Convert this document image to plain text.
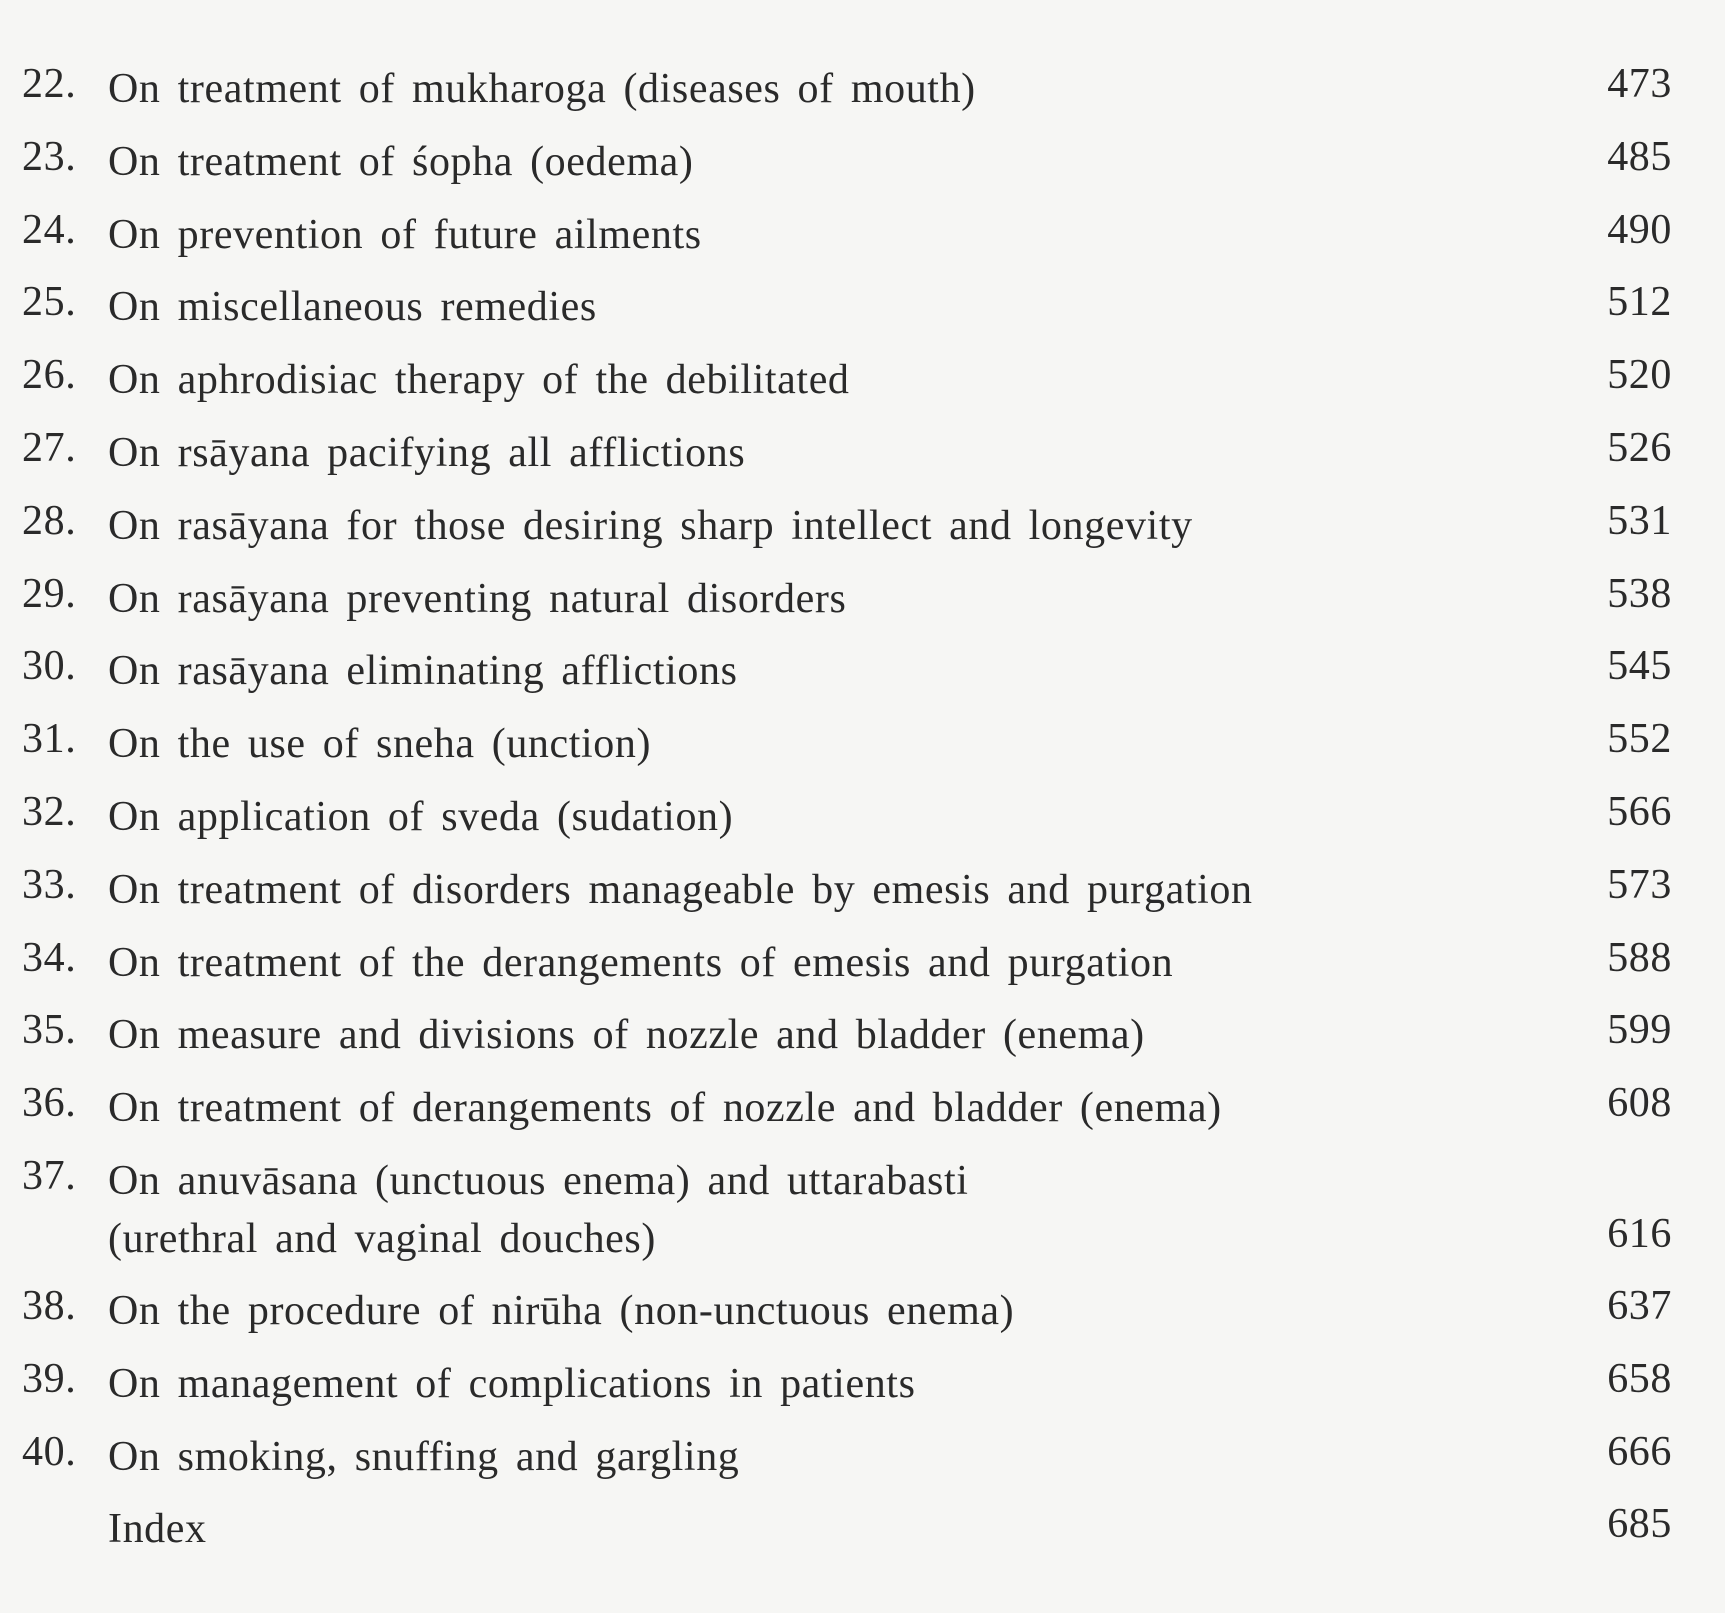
22. On treatment of mukharoga (diseases of mouth)	473
23. On treatment of śopha (oedema)	485
24. On prevention of future ailments	490
25. On miscellaneous remedies	512
26. On aphrodisiac therapy of the debilitated	520
27. On rsāyana pacifying all afflictions	526
28. On rasāyana for those desiring sharp intellect and longevity	531
29. On rasāyana preventing natural disorders	538
30. On rasāyana eliminating afflictions	545
31. On the use of sneha (unction)	552
32. On application of sveda (sudation)	566
33. On treatment of disorders manageable by emesis and purgation	573
34. On treatment of the derangements of emesis and purgation	588
35. On measure and divisions of nozzle and bladder (enema)	599
36. On treatment of derangements of nozzle and bladder (enema)	608
37. On anuvāsana (unctuous enema) and uttarabasti (urethral and vaginal douches)	616
38. On the procedure of nirūha (non-unctuous enema)	637
39. On management of complications in patients	658
40. On smoking, snuffing and gargling	666
Index	685
